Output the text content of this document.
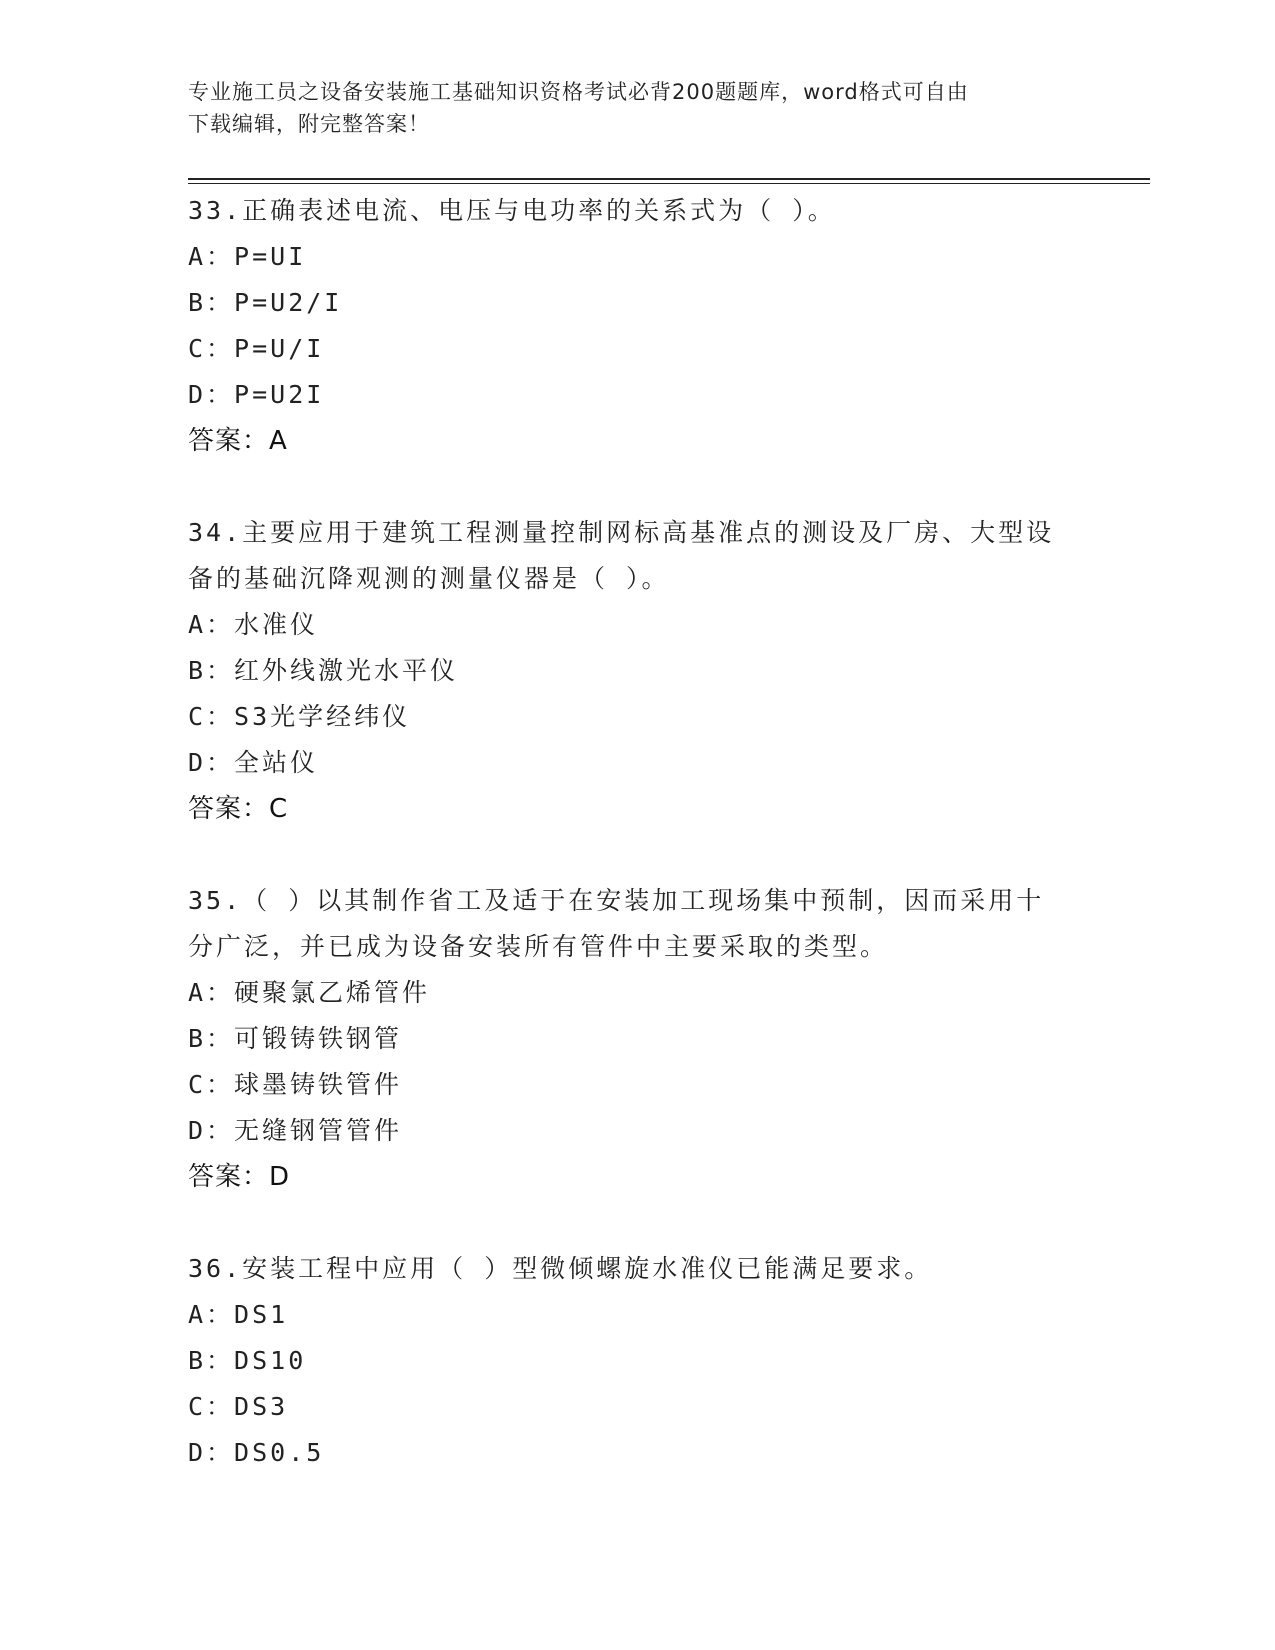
专业施工员之设备安装施工基础知识资格考试必背200题题库，word格式可自由
下载编辑，附完整答案！
33.正确表述电流、电压与电功率的关系式为（ ）。
A：P=UI
B：P=U2/I
C：P=U/I
D：P=U2I
答案：A
34.主要应用于建筑工程测量控制网标高基准点的测设及厂房、大型设
备的基础沉降观测的测量仪器是（ ）。
A：水准仪
B：红外线激光水平仪
C：S3光学经纬仪
D：全站仪
答案：C
35.（ ）以其制作省工及适于在安装加工现场集中预制，因而采用十
分广泛，并已成为设备安装所有管件中主要采取的类型。
A：硬聚氯乙烯管件
B：可锻铸铁钢管
C：球墨铸铁管件
D：无缝钢管管件
答案：D
36.安装工程中应用（ ）型微倾螺旋水准仪已能满足要求。
A：DS1
B：DS10
C：DS3
D：DS0.5
